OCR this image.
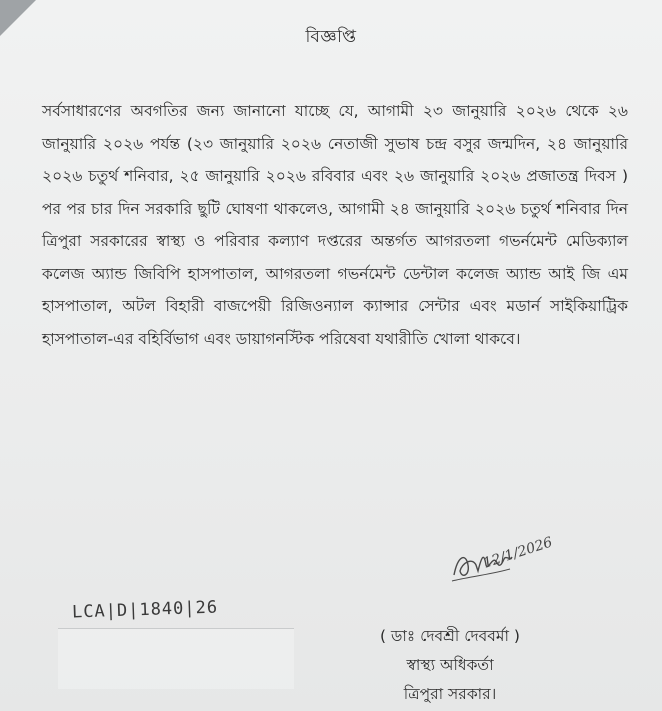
বিজ্ঞপ্তি
সর্বসাধারণের অবগতির জন্য জানানো যাচ্ছে যে, আগামী ২৩ জানুয়ারি ২০২৬ থেকে ২৬ জানুয়ারি ২০২৬ পর্যন্ত (২৩ জানুয়ারি ২০২৬ নেতাজী সুভাষ চন্দ্র বসুর জন্মদিন, ২৪ জানুয়ারি ২০২৬ চতুর্থ শনিবার, ২৫ জানুয়ারি ২০২৬ রবিবার এবং ২৬ জানুয়ারি ২০২৬ প্রজাতন্ত্র দিবস ) পর পর চার দিন সরকারি ছুটি ঘোষণা থাকলেও, আগামী ২৪ জানুয়ারি ২০২৬ চতুর্থ শনিবার দিন ত্রিপুরা সরকারের স্বাস্থ্য ও পরিবার কল্যাণ দপ্তরের অন্তর্গত আগরতলা গভর্নমেন্ট মেডিক্যাল কলেজ অ্যান্ড জিবিপি হাসপাতাল, আগরতলা গভর্নমেন্ট ডেন্টাল কলেজ অ্যান্ড আই জি এম হাসপাতাল, অটল বিহারী বাজপেয়ী রিজিওন্যাল ক্যান্সার সেন্টার এবং মডার্ন সাইকিয়াট্রিক হাসপাতাল-এর বহির্বিভাগ এবং ডায়াগনস্টিক পরিষেবা যথারীতি খোলা থাকবে।
12/1/2026
LCA|D|1840|26
( ডাঃ দেবশ্রী দেববর্মা )
স্বাস্থ্য অধিকর্তা
ত্রিপুরা সরকার।
